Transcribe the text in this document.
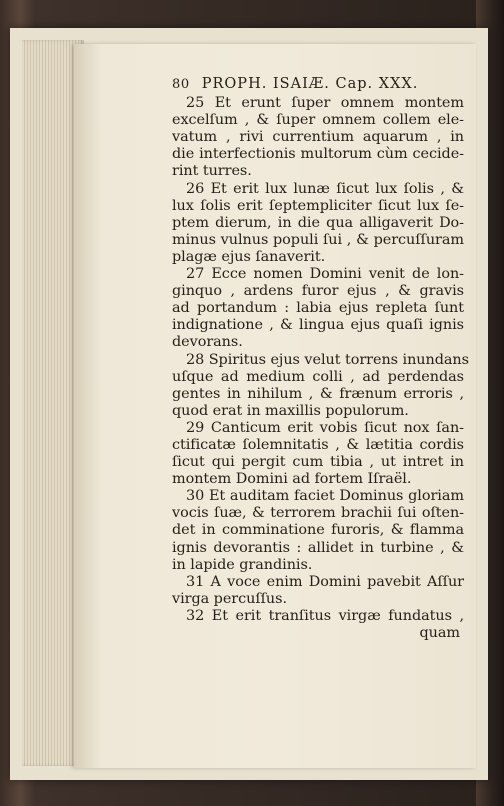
80 PROPH. ISAIÆ. Cap. XXX.
25 Et erunt ſuper omnem montem
excelſum , & ſuper omnem collem ele-
vatum , rivi currentium aquarum , in
die interfectionis multorum cùm cecide-
rint turres.
26 Et erit lux lunæ ſicut lux ſolis , &
lux ſolis erit ſeptempliciter ſicut lux ſe-
ptem dierum, in die qua alligaverit Do-
minus vulnus populi ſui , & percuſſuram
plagæ ejus ſanaverit.
27 Ecce nomen Domini venit de lon-
ginquo , ardens furor ejus , & gravis
ad portandum : labia ejus repleta ſunt
indignatione , & lingua ejus quaſi ignis
devorans.
28 Spiritus ejus velut torrens inundans
uſque ad medium colli , ad perdendas
gentes in nihilum , & frænum erroris ,
quod erat in maxillis populorum.
29 Canticum erit vobis ſicut nox ſan-
ctificatæ ſolemnitatis , & lætitia cordis
ſicut qui pergit cum tibia , ut intret in
montem Domini ad fortem Iſraël.
30 Et auditam faciet Dominus gloriam
vocis ſuæ, & terrorem brachii ſui oſten-
det in comminatione furoris, & flamma
ignis devorantis : allidet in turbine , &
in lapide grandinis.
31 A voce enim Domini pavebit Aſſur
virga percuſſus.
32 Et erit tranſitus virgæ fundatus ,
quam
